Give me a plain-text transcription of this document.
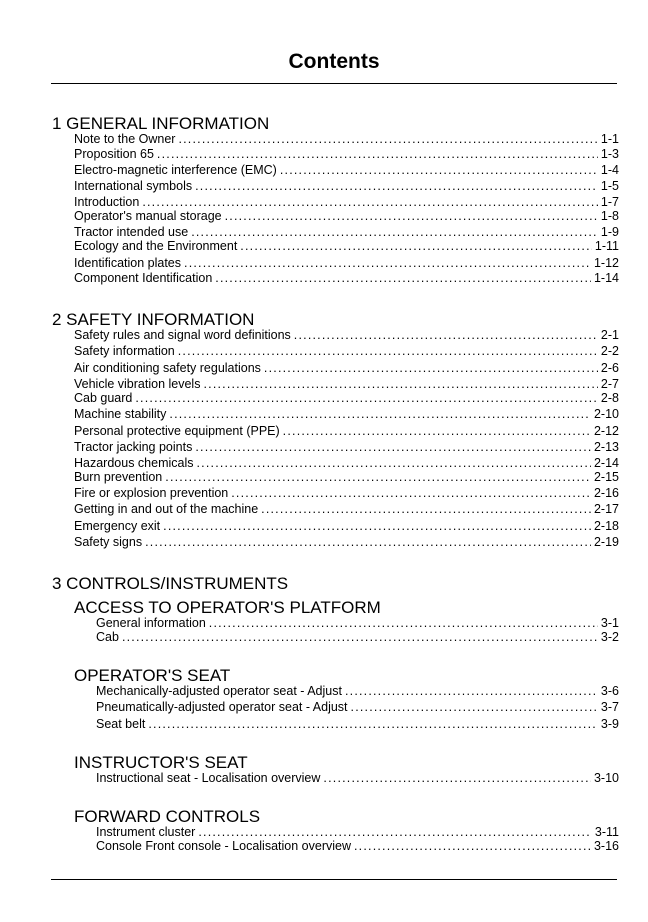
Contents
1 GENERAL INFORMATION
Note to the Owner .....	1-1
Proposition 65 .....	1-3
Electro-magnetic interference (EMC) .....	1-4
International symbols .....	1-5
Introduction .....	1-7
Operator's manual storage .....	1-8
Tractor intended use .....	1-9
Ecology and the Environment .....	1-11
Identification plates .....	1-12
Component Identification .....	1-14
2 SAFETY INFORMATION
Safety rules and signal word definitions .....	2-1
Safety information .....	2-2
Air conditioning safety regulations .....	2-6
Vehicle vibration levels .....	2-7
Cab guard .....	2-8
Machine stability .....	2-10
Personal protective equipment (PPE) .....	2-12
Tractor jacking points .....	2-13
Hazardous chemicals .....	2-14
Burn prevention .....	2-15
Fire or explosion prevention .....	2-16
Getting in and out of the machine .....	2-17
Emergency exit .....	2-18
Safety signs .....	2-19
3 CONTROLS/INSTRUMENTS
ACCESS TO OPERATOR'S PLATFORM
General information .....	3-1
Cab .....	3-2
OPERATOR'S SEAT
Mechanically-adjusted operator seat - Adjust .....	3-6
Pneumatically-adjusted operator seat - Adjust .....	3-7
Seat belt .....	3-9
INSTRUCTOR'S SEAT
Instructional seat - Localisation overview .....	3-10
FORWARD CONTROLS
Instrument cluster .....	3-11
Console Front console - Localisation overview .....	3-16
